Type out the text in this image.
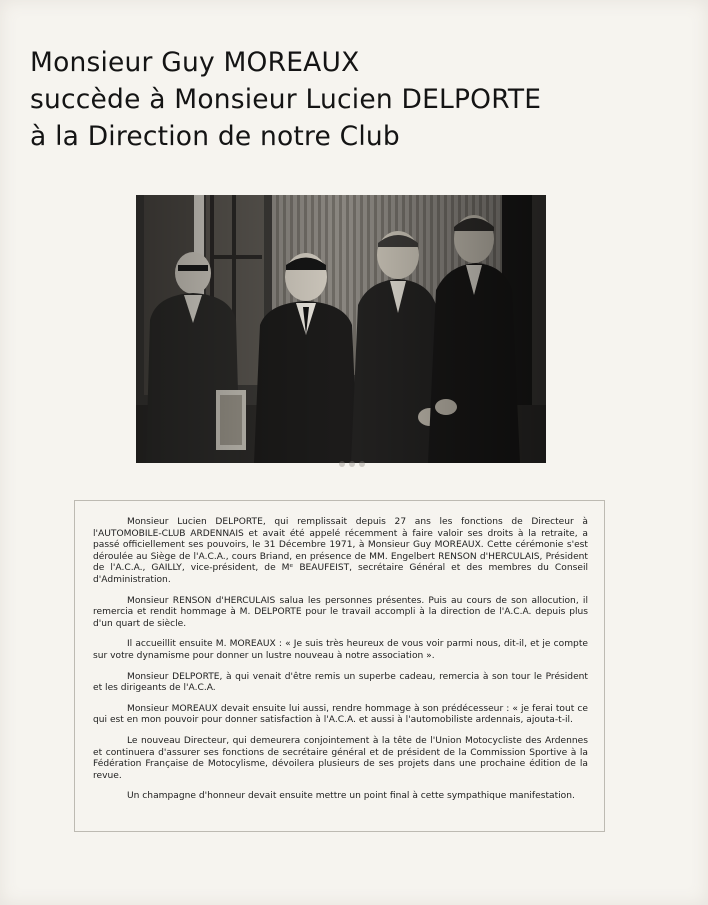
Monsieur Guy MOREAUX
succède à Monsieur Lucien DELPORTE
à la Direction de notre Club

Monsieur Lucien DELPORTE, qui remplissait depuis 27 ans les fonctions de Directeur à l'AUTOMOBILE-CLUB ARDENNAIS et avait été appelé récemment à faire valoir ses droits à la retraite, a passé officiellement ses pouvoirs, le 31 Décembre 1971, à Monsieur Guy MOREAUX. Cette cérémonie s'est déroulée au Siège de l'A.C.A., cours Briand, en présence de MM. Engelbert RENSON d'HERCULAIS, Président de l'A.C.A., GAILLY, vice-président, de Mᵉ BEAUFEIST, secrétaire Général et des membres du Conseil d'Administration.

Monsieur RENSON d'HERCULAIS salua les personnes présentes. Puis au cours de son allocution, il remercia et rendit hommage à M. DELPORTE pour le travail accompli à la direction de l'A.C.A. depuis plus d'un quart de siècle.

Il accueillit ensuite M. MOREAUX : « Je suis très heureux de vous voir parmi nous, dit-il, et je compte sur votre dynamisme pour donner un lustre nouveau à notre association ».

Monsieur DELPORTE, à qui venait d'être remis un superbe cadeau, remercia à son tour le Président et les dirigeants de l'A.C.A.

Monsieur MOREAUX devait ensuite lui aussi, rendre hommage à son prédécesseur : « je ferai tout ce qui est en mon pouvoir pour donner satisfaction à l'A.C.A. et aussi à l'automobiliste ardennais, ajouta-t-il.

Le nouveau Directeur, qui demeurera conjointement à la tête de l'Union Motocycliste des Ardennes et continuera d'assurer ses fonctions de secrétaire général et de président de la Commission Sportive à la Fédération Française de Motocylisme, dévoilera plusieurs de ses projets dans une prochaine édition de la revue.

Un champagne d'honneur devait ensuite mettre un point final à cette sympathique manifestation.
